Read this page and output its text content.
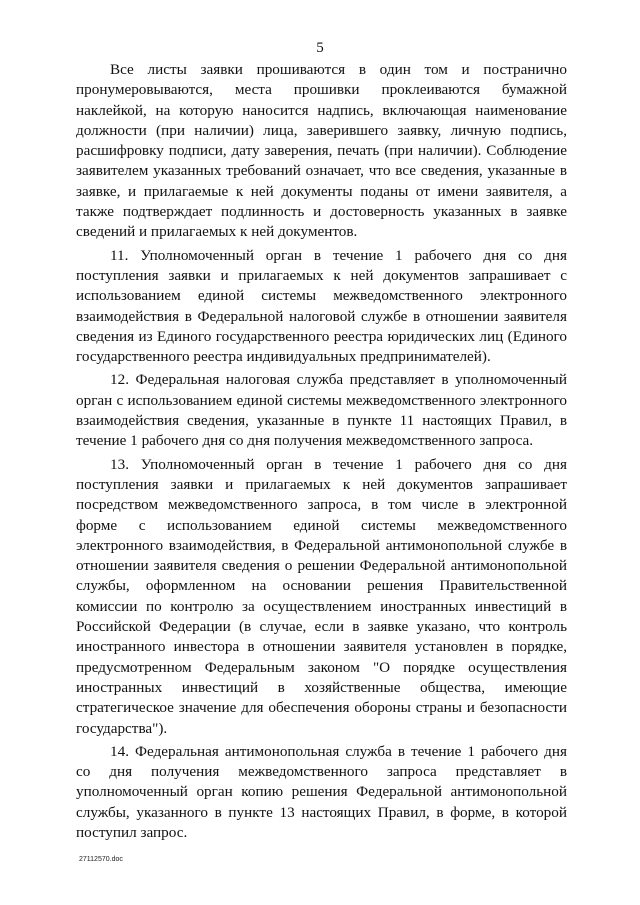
5

Все листы заявки прошиваются в один том и постранично пронумеровываются, места прошивки проклеиваются бумажной наклейкой, на которую наносится надпись, включающая наименование должности (при наличии) лица, заверившего заявку, личную подпись, расшифровку подписи, дату заверения, печать (при наличии). Соблюдение заявителем указанных требований означает, что все сведения, указанные в заявке, и прилагаемые к ней документы поданы от имени заявителя, а также подтверждает подлинность и достоверность указанных в заявке сведений и прилагаемых к ней документов.

11. Уполномоченный орган в течение 1 рабочего дня со дня поступления заявки и прилагаемых к ней документов запрашивает с использованием единой системы межведомственного электронного взаимодействия в Федеральной налоговой службе в отношении заявителя сведения из Единого государственного реестра юридических лиц (Единого государственного реестра индивидуальных предпринимателей).

12. Федеральная налоговая служба представляет в уполномоченный орган с использованием единой системы межведомственного электронного взаимодействия сведения, указанные в пункте 11 настоящих Правил, в течение 1 рабочего дня со дня получения межведомственного запроса.

13. Уполномоченный орган в течение 1 рабочего дня со дня поступления заявки и прилагаемых к ней документов запрашивает посредством межведомственного запроса, в том числе в электронной форме с использованием единой системы межведомственного электронного взаимодействия, в Федеральной антимонопольной службе в отношении заявителя сведения о решении Федеральной антимонопольной службы, оформленном на основании решения Правительственной комиссии по контролю за осуществлением иностранных инвестиций в Российской Федерации (в случае, если в заявке указано, что контроль иностранного инвестора в отношении заявителя установлен в порядке, предусмотренном Федеральным законом "О порядке осуществления иностранных инвестиций в хозяйственные общества, имеющие стратегическое значение для обеспечения обороны страны и безопасности государства").

14. Федеральная антимонопольная служба в течение 1 рабочего дня со дня получения межведомственного запроса представляет в уполномоченный орган копию решения Федеральной антимонопольной службы, указанного в пункте 13 настоящих Правил, в форме, в которой поступил запрос.

27112570.doc
